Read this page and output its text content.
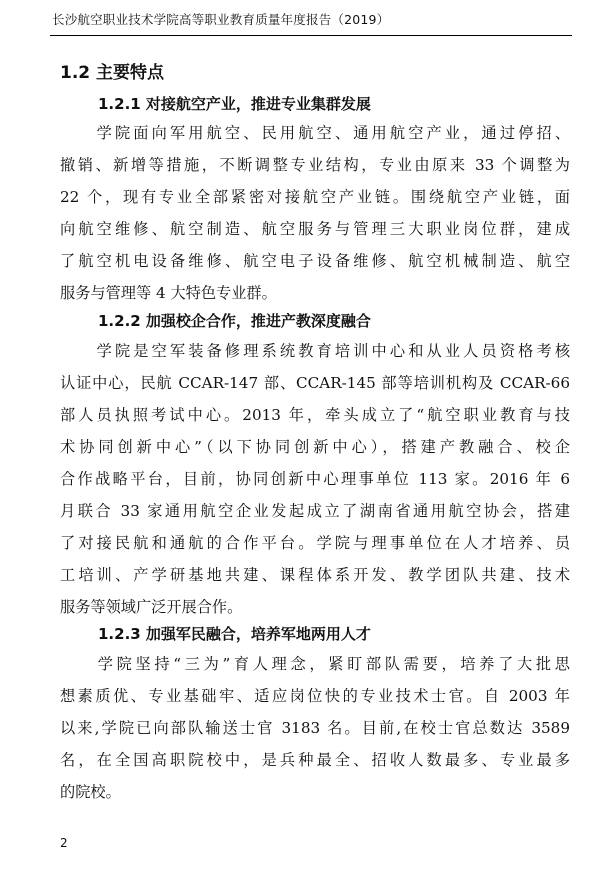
长沙航空职业技术学院高等职业教育质量年度报告（2019）
1.2 主要特点
1.2.1 对接航空产业，推进专业集群发展
　　学院面向军用航空、民用航空、通用航空产业，通过停招、
撤销、新增等措施，不断调整专业结构，专业由原来 33 个调整为
22 个，现有专业全部紧密对接航空产业链。围绕航空产业链，面
向航空维修、航空制造、航空服务与管理三大职业岗位群，建成
了航空机电设备维修、航空电子设备维修、航空机械制造、航空
服务与管理等 4 大特色专业群。
1.2.2 加强校企合作，推进产教深度融合
　　学院是空军装备修理系统教育培训中心和从业人员资格考核
认证中心，民航 CCAR-147 部、CCAR-145 部等培训机构及 CCAR-66
部人员执照考试中心。2013 年，牵头成立了“航空职业教育与技
术协同创新中心”（以下协同创新中心），搭建产教融合、校企
合作战略平台，目前，协同创新中心理事单位 113 家。2016 年 6
月联合 33 家通用航空企业发起成立了湖南省通用航空协会，搭建
了对接民航和通航的合作平台。学院与理事单位在人才培养、员
工培训、产学研基地共建、课程体系开发、教学团队共建、技术
服务等领域广泛开展合作。
1.2.3 加强军民融合，培养军地两用人才
　　学院坚持“三为”育人理念，紧盯部队需要，培养了大批思
想素质优、专业基础牢、适应岗位快的专业技术士官。自 2003 年
以来,学院已向部队输送士官 3183 名。目前,在校士官总数达 3589
名，在全国高职院校中，是兵种最全、招收人数最多、专业最多
的院校。
2
